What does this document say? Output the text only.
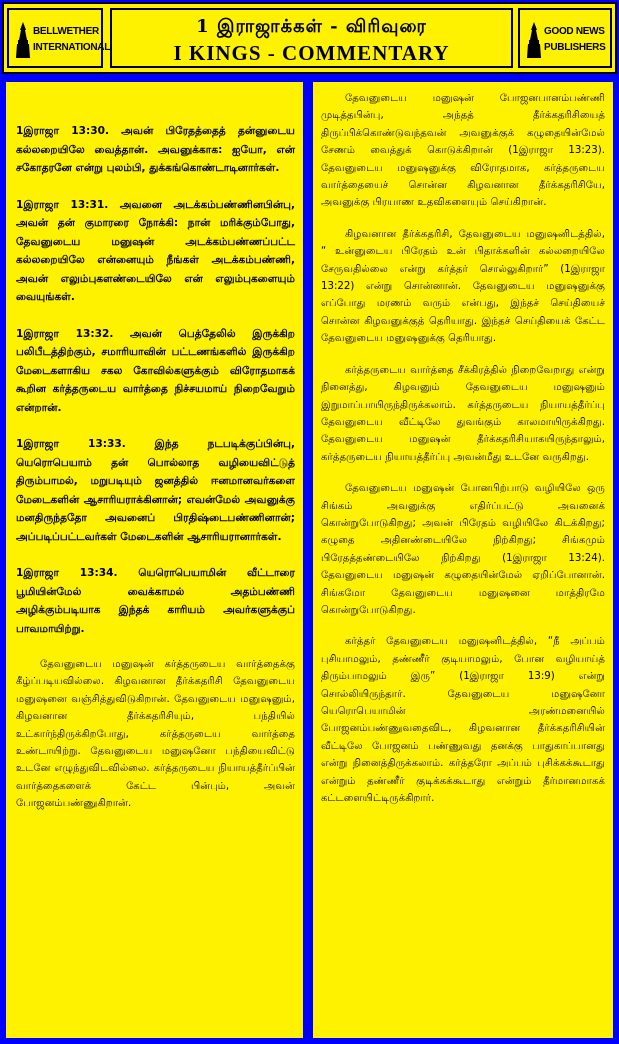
BELLWETHER INTERNATIONAL
1 இராஜாக்கள் - விரிவுரை
I KINGS - COMMENTARY
GOOD NEWS PUBLISHERS

1இராஜா 13:30. அவன் பிரேதத்தைத் தன்னுடைய கல்லறையிலே வைத்தான். அவனுக்காக: ஐயோ, என் சகோதரனே என்று புலம்பி, துக்கங்கொண்டாடினார்கள்.

1இராஜா 13:31. அவனை அடக்கம்பண்ணினபின்பு, அவன் தன் குமாரரை நோக்கி: நான் மரிக்கும்போது, தேவனுடைய மனுஷன் அடக்கம்பண்ணப்பட்ட கல்லறையிலே என்னையும் நீங்கள் அடக்கம்பண்ணி, அவன் எலும்புகளண்டையிலே என் எலும்புகளையும் வையுங்கள்.

1இராஜா 13:32. அவன் பெத்தேலில் இருக்கிற பலிபீடத்திற்கும், சமாரியாவின் பட்டணங்களில் இருக்கிற மேடைகளாகிய சகல கோவில்களுக்கும் விரோதமாகக் கூறின கர்த்தருடைய வார்த்தை நிச்சயமாய் நிறைவேறும் என்றான்.

1இராஜா 13:33. இந்த நடபடிக்குப்பின்பு, யெரொபெயாம் தன் பொல்லாத வழியைவிட்டுத் திரும்பாமல், மறுபடியும் ஜனத்தில் ஈனமானவர்களை மேடைகளின் ஆசாரியராக்கினான்; எவன்மேல் அவனுக்கு மனதிருந்ததோ அவனைப் பிரதிஷ்டைபண்ணினான்; அப்படிப்பட்டவர்கள் மேடைகளின் ஆசாரியரானார்கள்.

1இராஜா 13:34. யெரொபெயாமின் வீட்டாரை பூமியின்மேல் வைக்காமல் அதம்பண்ணி அழிக்கும்படியாக இந்தக் காரியம் அவர்களுக்குப் பாவமாயிற்று.

தேவனுடைய மனுஷன் கர்த்தருடைய வார்த்தைக்கு கீழ்ப்படியவில்லை. கிழவனான தீர்க்கதரிசி தேவனுடைய மனுஷனை வஞ்சித்துவிடுகிறான். தேவனுடைய மனுஷனும், கிழவனான தீர்க்கதரிசியும், பந்தியில் உட்கார்ந்திருக்கிறபோது, கர்த்தருடைய வார்த்தை உண்டாயிற்று. தேவனுடைய மனுஷனோ பந்தியைவிட்டு உடனே எழுந்துவிடவில்லை. கர்த்தருடைய நியாயத்தீர்ப்பின் வார்த்தைகளைக் கேட்ட பின்பும், அவன் போஜனம்பண்ணுகிறான்.

தேவனுடைய மனுஷன் போஜனபானம்பண்ணி முடித்தபின்பு, அந்தத் தீர்க்கதரிசியைத் திருப்பிக்கொண்டுவந்தவன் அவனுக்குக் கழுதையின்மேல் சேணம் வைத்துக் கொடுக்கிறான் (1இராஜா 13:23). தேவனுடைய மனுஷனுக்கு விரோதமாக, கர்த்தருடைய வார்த்தையைச் சொன்ன கிழவனான தீர்க்கதரிசியே, அவனுக்கு பிரயாண உதவிகளையும் செய்கிறான்.

கிழவனான தீர்க்கதரிசி, தேவனுடைய மனுஷனிடத்தில், “ உன்னுடைய பிரேதம் உன் பிதாக்களின் கல்லறையிலே சேருவதில்லை என்று கர்த்தர் சொல்லுகிறார்” (1இராஜா 13:22) என்று சொன்னான். தேவனுடைய மனுஷனுக்கு எப்போது மரணம் வரும் என்பது, இந்தச் செய்தியைச் சொன்ன கிழவனுக்குத் தெரியாது. இந்தச் செய்தியைக் கேட்ட தேவனுடைய மனுஷனுக்கு தெரியாது.

கர்த்தருடைய வார்த்தை சீக்கிரத்தில் நிறைவேறாது என்று நினைத்து, கிழவனும் தேவனுடைய மனுஷனும் இறுமாப்பாயிருந்திருக்கலாம். கர்த்தருடைய நியாயத்தீர்ப்பு தேவனுடைய வீட்டிலே துவங்கும் காலமாயிருக்கிறது. தேவனுடைய மனுஷன் தீர்க்கதரிசியாகயிருந்தாலும், கர்த்தருடைய நியாயத்தீர்ப்பு அவன்மீது உடனே வருகிறது.

தேவனுடைய மனுஷன் போனபிற்பாடு வழியிலே ஒரு சிங்கம் அவனுக்கு எதிர்ப்பட்டு அவனைக் கொன்றுபோடுகிறது; அவன் பிரேதம் வழியிலே கிடக்கிறது; கழுதை அதினண்டையிலே நிற்கிறது; சிங்கமும் பிரேதத்தண்டையிலே நிற்கிறது (1இராஜா 13:24). தேவனுடைய மனுஷன் கழுதையின்மேல் ஏறிப்போனான். சிங்கமோ தேவனுடைய மனுஷனை மாத்திரமே கொன்றுபோடுகிறது.

கர்த்தர் தேவனுடைய மனுஷனிடத்தில், “நீ அப்பம் புசியாமலும், தண்ணீர் குடியாமலும், போன வழியாய்த் திரும்பாமலும் இரு” (1இராஜா 13:9) என்று சொல்லியிருந்தார். தேவனுடைய மனுஷனோ யெரொபெயாமின் அரண்மனையில் போஜனம்பண்ணுவதைவிட, கிழவனான தீர்க்கதரிசியின் வீட்டிலே போஜனம் பண்ணுவது தனக்கு பாதுகாப்பானது என்று நினைத்திருக்கலாம். கர்த்தரோ அப்பம் புசிக்கக்கூடாது என்றும் தண்ணீர் குடிக்கக்கூடாது என்றும் தீர்மானமாகக் கட்டளையிட்டிருக்கிறார்.
